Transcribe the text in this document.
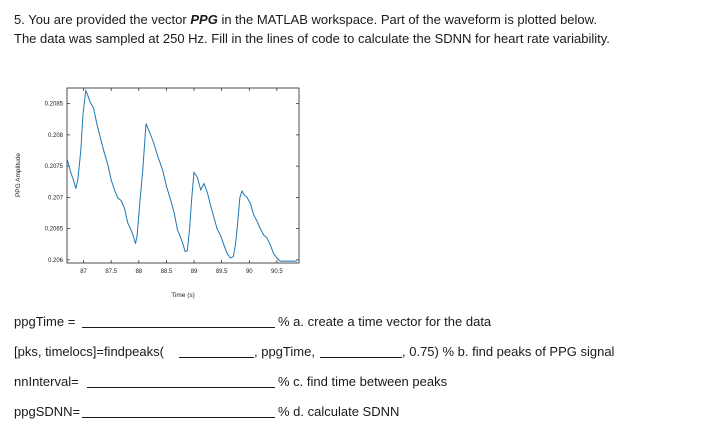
5. You are provided the vector PPG in the MATLAB workspace. Part of the waveform is plotted below.

The data was sampled at 250 Hz. Fill in the lines of code to calculate the SDNN for heart rate variability.

87	87.5	88	88.5	89	89.5	90	90.5
0.206
0.2065
0.207
0.2075
0.208
0.2085
Time (s)
PPG Amplitude
ppgTime =	% a. create a time vector for the data
[pks, timelocs]=findpeaks(	, ppgTime,	, 0.75) % b. find peaks of PPG signal
nnInterval=	% c. find time between peaks
ppgSDNN=	% d. calculate SDNN
